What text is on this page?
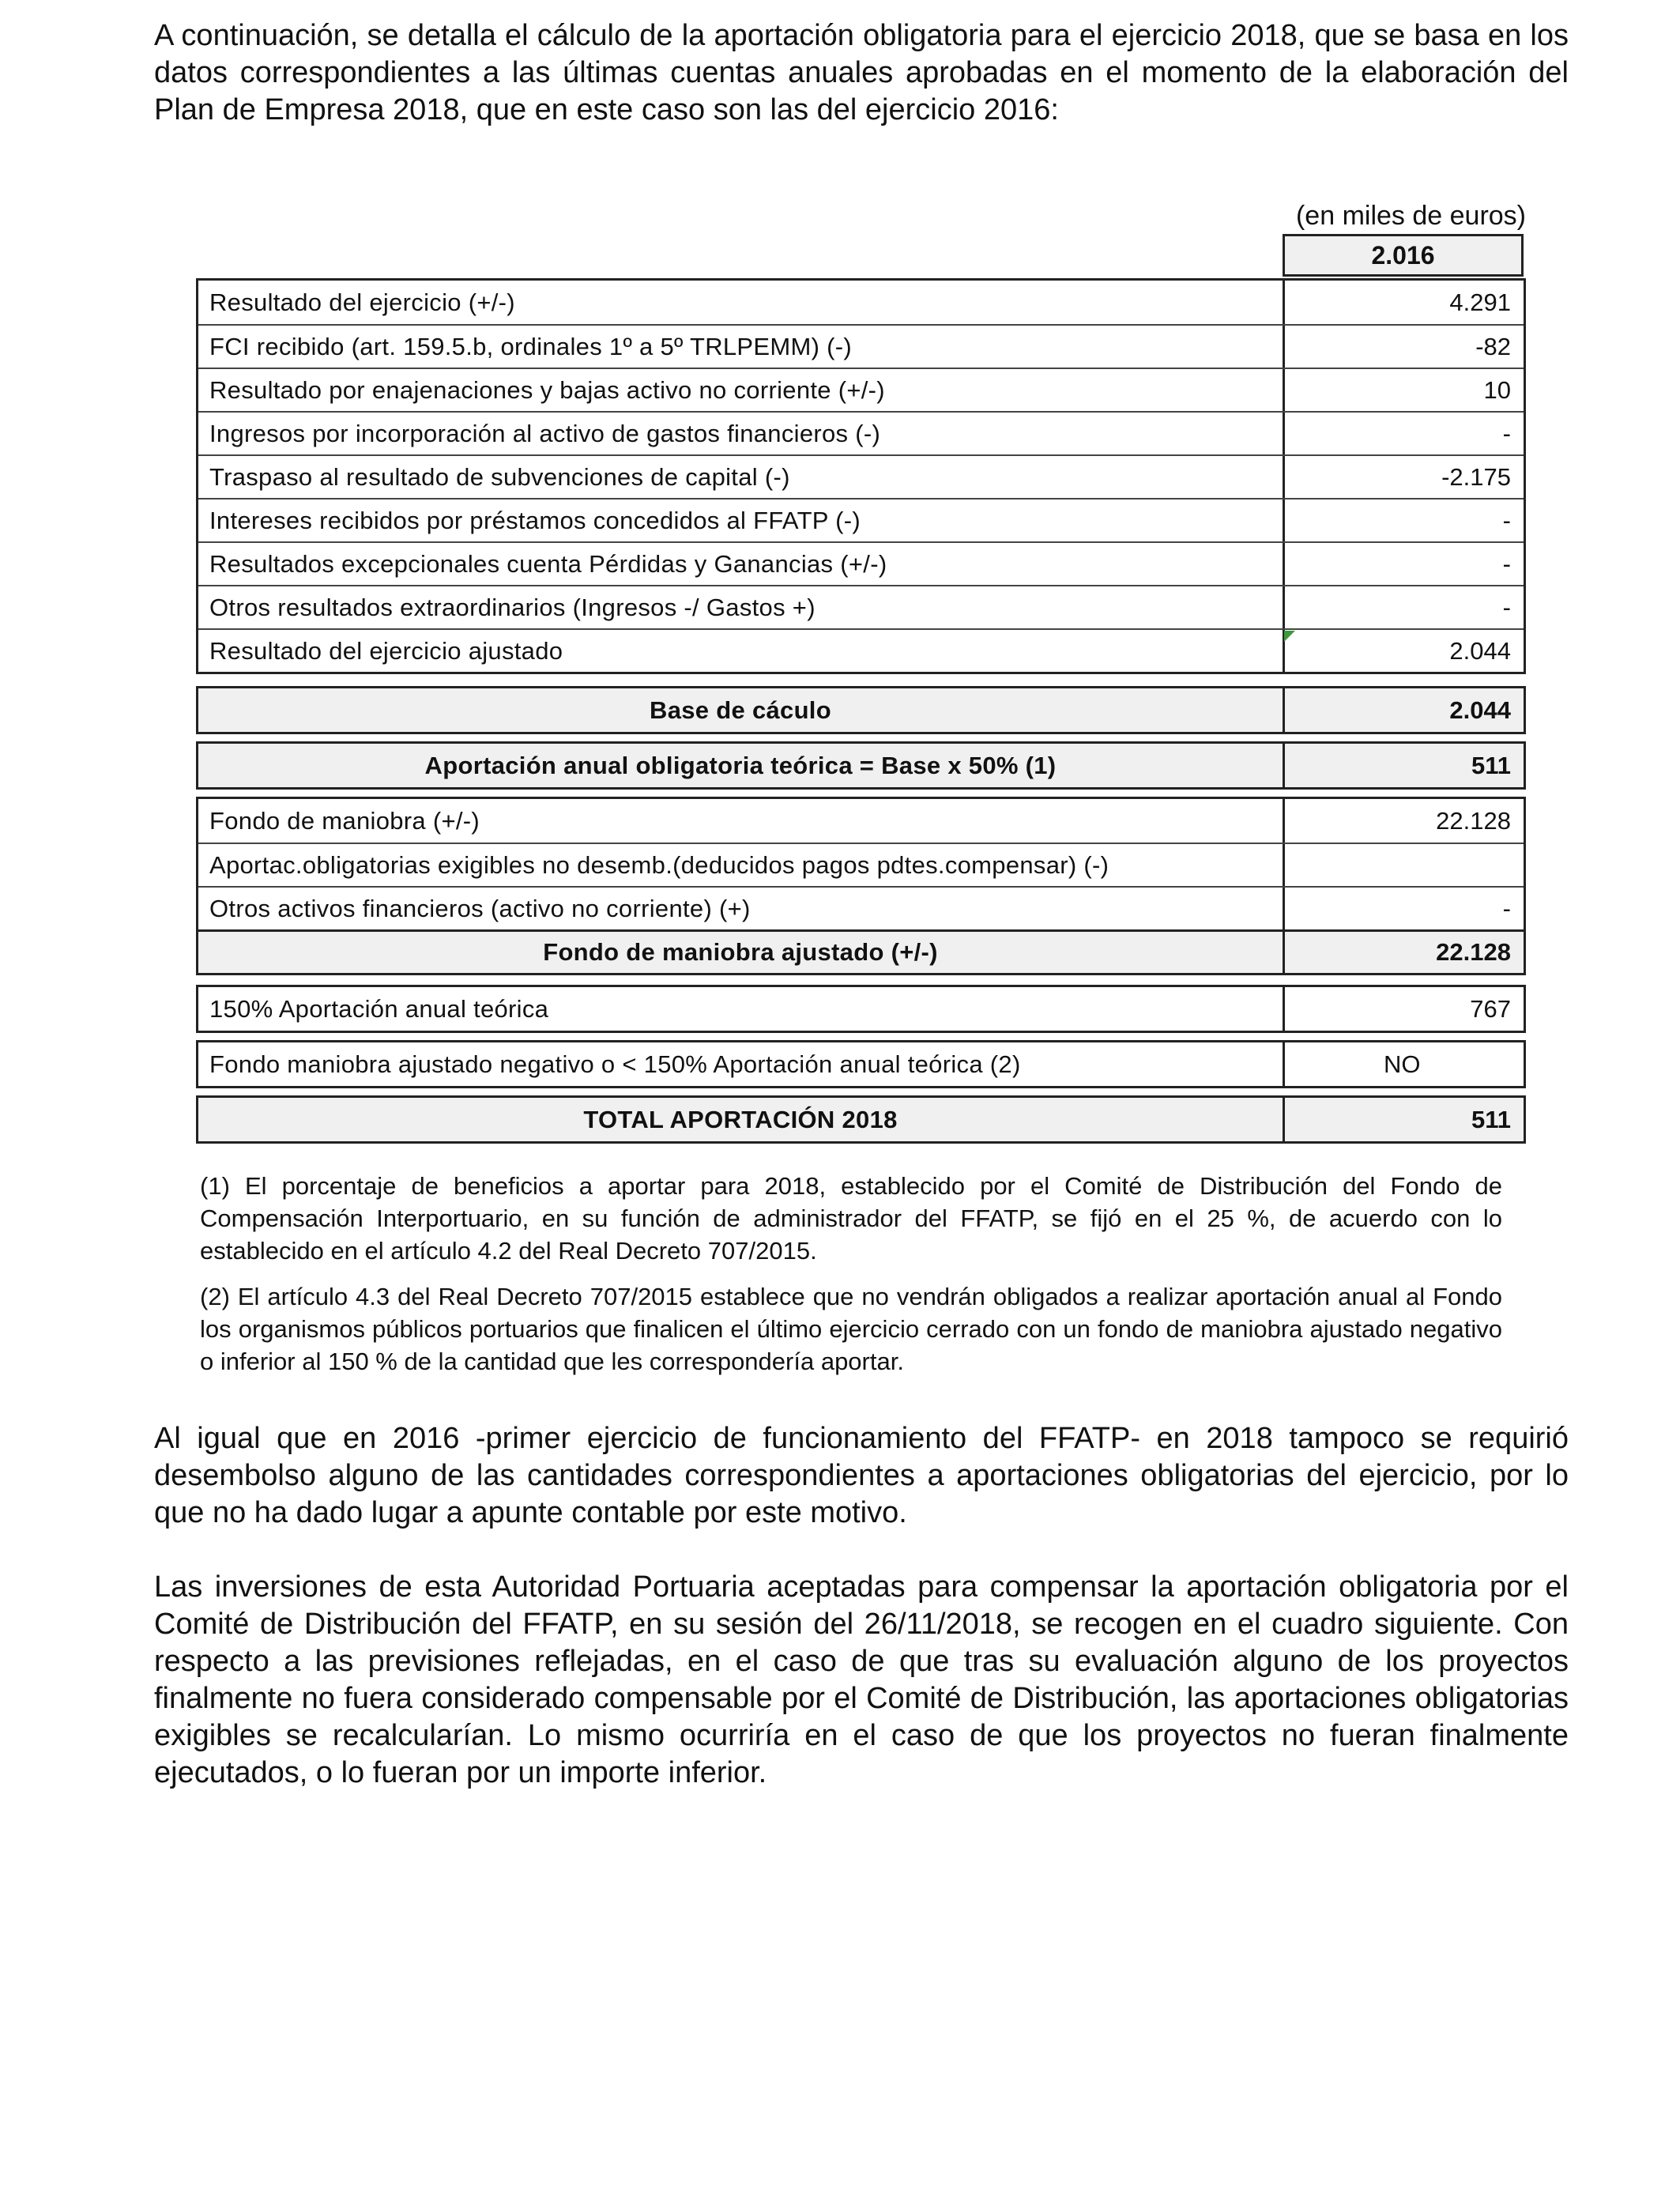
A continuación, se detalla el cálculo de la aportación obligatoria para el ejercicio 2018, que se basa en los datos correspondientes a las últimas cuentas anuales aprobadas en el momento de la elaboración del Plan de Empresa 2018, que en este caso son las del ejercicio 2016:

(en miles de euros)
2.016
Resultado del ejercicio (+/-)	4.291
FCI recibido (art. 159.5.b, ordinales 1º a 5º TRLPEMM) (-)	-82
Resultado por enajenaciones y bajas activo no corriente (+/-)	10
Ingresos por incorporación al activo de gastos financieros (-)	-
Traspaso al resultado de subvenciones de capital (-)	-2.175
Intereses recibidos por préstamos concedidos al FFATP (-)	-
Resultados excepcionales cuenta Pérdidas y Ganancias (+/-)	-
Otros resultados extraordinarios (Ingresos -/ Gastos +)	-
Resultado del ejercicio ajustado	2.044
Base de cáculo	2.044
Aportación anual obligatoria teórica = Base x 50% (1)	511
Fondo de maniobra (+/-)	22.128
Aportac.obligatorias exigibles no desemb.(deducidos pagos pdtes.compensar) (-)
Otros activos financieros (activo no corriente) (+)	-
Fondo de maniobra ajustado (+/-)	22.128
150% Aportación anual teórica	767
Fondo maniobra ajustado negativo o < 150% Aportación anual teórica (2)	NO
TOTAL APORTACIÓN 2018	511

(1) El porcentaje de beneficios a aportar para 2018, establecido por el Comité de Distribución del Fondo de Compensación Interportuario, en su función de administrador del FFATP, se fijó en el 25 %, de acuerdo con lo establecido en el artículo 4.2 del Real Decreto 707/2015.

(2) El artículo 4.3 del Real Decreto 707/2015 establece que no vendrán obligados a realizar aportación anual al Fondo los organismos públicos portuarios que finalicen el último ejercicio cerrado con un fondo de maniobra ajustado negativo o inferior al 150 % de la cantidad que les correspondería aportar.

Al igual que en 2016 -primer ejercicio de funcionamiento del FFATP- en 2018 tampoco se requirió desembolso alguno de las cantidades correspondientes a aportaciones obligatorias del ejercicio, por lo que no ha dado lugar a apunte contable por este motivo.

Las inversiones de esta Autoridad Portuaria aceptadas para compensar la aportación obligatoria por el Comité de Distribución del FFATP, en su sesión del 26/11/2018, se recogen en el cuadro siguiente. Con respecto a las previsiones reflejadas, en el caso de que tras su evaluación alguno de los proyectos finalmente no fuera considerado compensable por el Comité de Distribución, las aportaciones obligatorias exigibles se recalcularían. Lo mismo ocurriría en el caso de que los proyectos no fueran finalmente ejecutados, o lo fueran por un importe inferior.
